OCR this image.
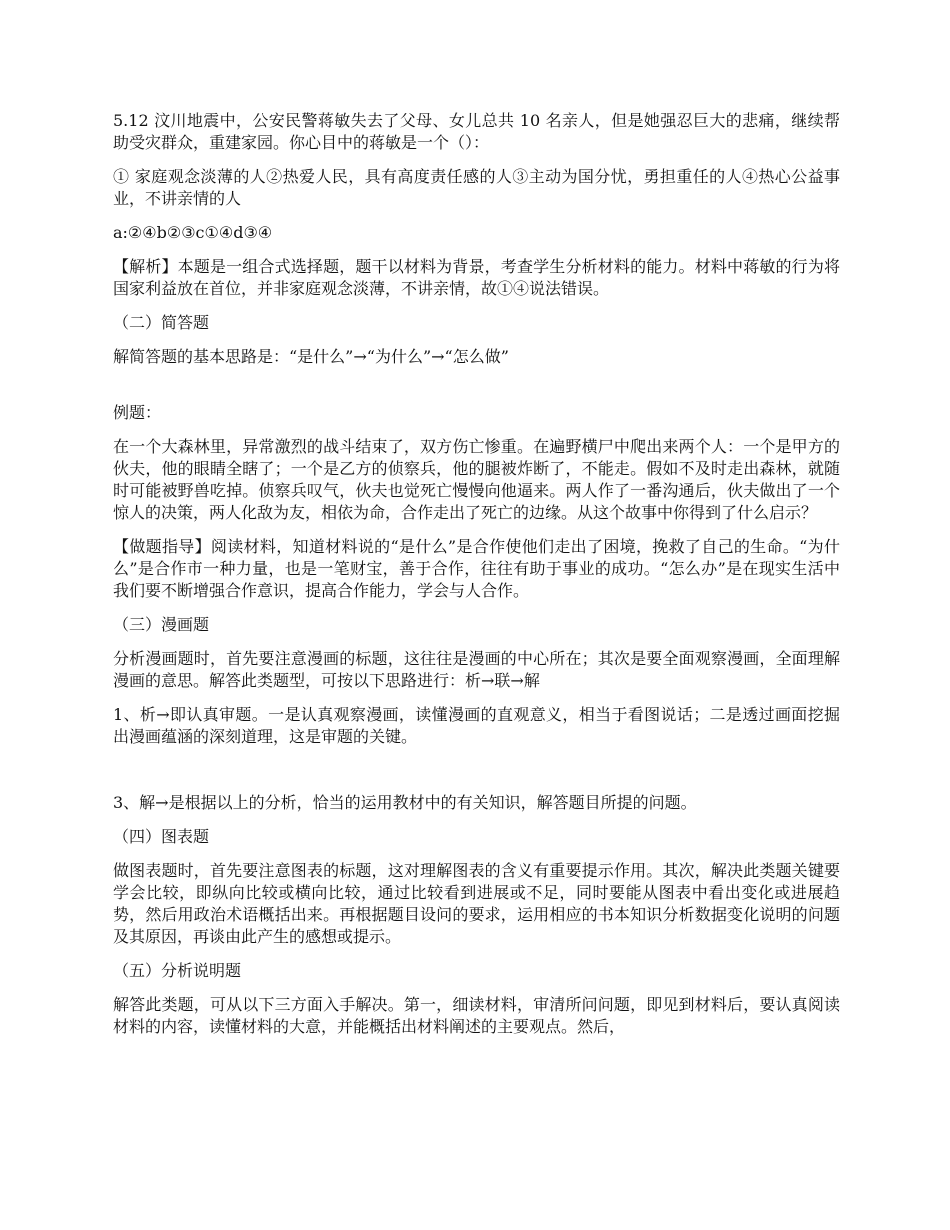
5.12 汶川地震中，公安民警蒋敏失去了父母、女儿总共 10 名亲人，但是她强忍巨大的悲痛，继续帮助受灾群众，重建家园。你心目中的蒋敏是一个（）：

① 家庭观念淡薄的人②热爱人民，具有高度责任感的人③主动为国分忧，勇担重任的人④热心公益事业，不讲亲情的人

a:②④b②③c①④d③④

【解析】本题是一组合式选择题，题干以材料为背景，考查学生分析材料的能力。材料中蒋敏的行为将国家利益放在首位，并非家庭观念淡薄，不讲亲情，故①④说法错误。

（二）简答题

解简答题的基本思路是：“是什么”→“为什么”→“怎么做”

例题：

在一个大森林里，异常激烈的战斗结束了，双方伤亡惨重。在遍野横尸中爬出来两个人：一个是甲方的伙夫，他的眼睛全瞎了；一个是乙方的侦察兵，他的腿被炸断了，不能走。假如不及时走出森林，就随时可能被野兽吃掉。侦察兵叹气，伙夫也觉死亡慢慢向他逼来。两人作了一番沟通后，伙夫做出了一个惊人的决策，两人化敌为友，相依为命，合作走出了死亡的边缘。从这个故事中你得到了什么启示？

【做题指导】阅读材料，知道材料说的“是什么”是合作使他们走出了困境，挽救了自己的生命。“为什么”是合作市一种力量，也是一笔财宝，善于合作，往往有助于事业的成功。“怎么办”是在现实生活中我们要不断增强合作意识，提高合作能力，学会与人合作。

（三）漫画题

分析漫画题时，首先要注意漫画的标题，这往往是漫画的中心所在；其次是要全面观察漫画，全面理解漫画的意思。解答此类题型，可按以下思路进行：析→联→解

1、析→即认真审题。一是认真观察漫画，读懂漫画的直观意义，相当于看图说话；二是透过画面挖掘出漫画蕴涵的深刻道理，这是审题的关键。

3、解→是根据以上的分析，恰当的运用教材中的有关知识，解答题目所提的问题。

（四）图表题

做图表题时，首先要注意图表的标题，这对理解图表的含义有重要提示作用。其次，解决此类题关键要学会比较，即纵向比较或横向比较，通过比较看到进展或不足，同时要能从图表中看出变化或进展趋势，然后用政治术语概括出来。再根据题目设问的要求，运用相应的书本知识分析数据变化说明的问题及其原因，再谈由此产生的感想或提示。

（五）分析说明题

解答此类题，可从以下三方面入手解决。第一，细读材料，审清所问问题，即见到材料后，要认真阅读材料的内容，读懂材料的大意，并能概括出材料阐述的主要观点。然后，
